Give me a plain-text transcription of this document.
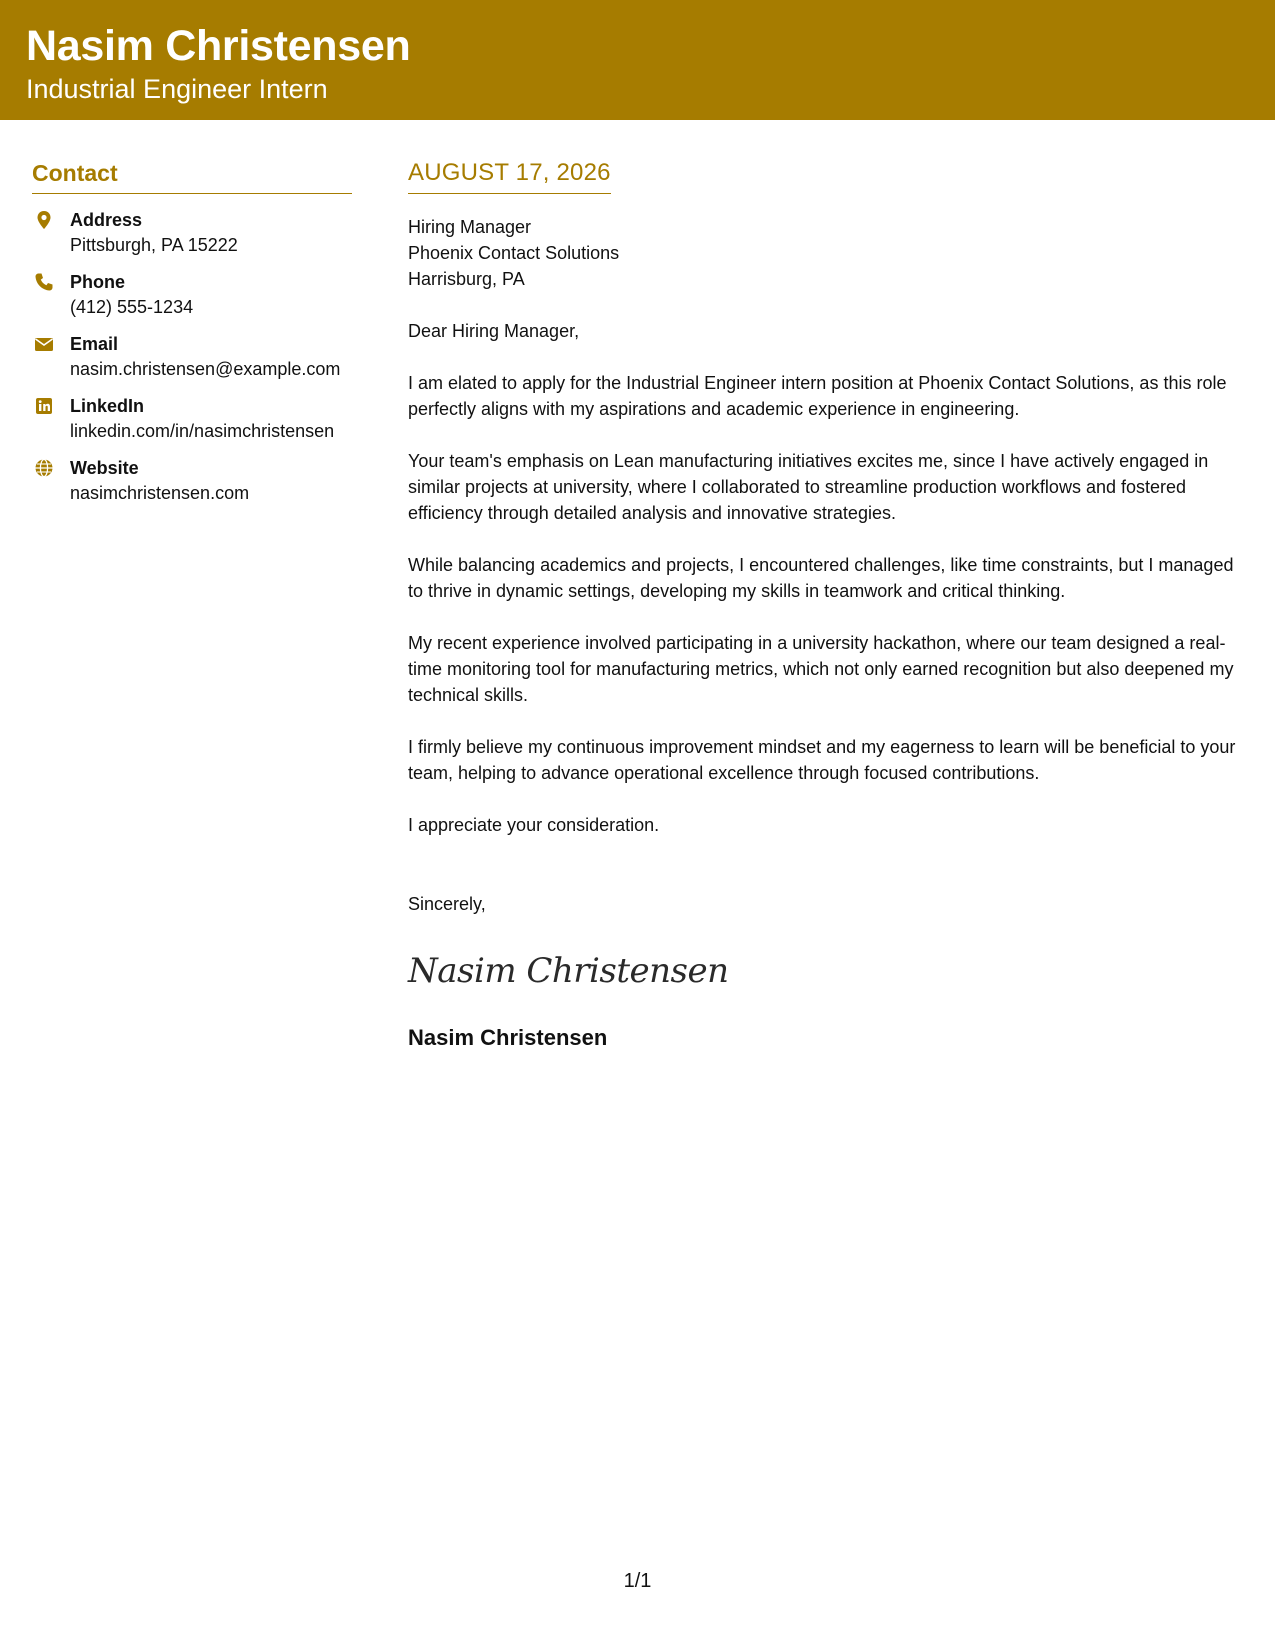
Nasim Christensen
Industrial Engineer Intern
Contact
Address
Pittsburgh, PA 15222
Phone
(412) 555-1234
Email
nasim.christensen@example.com
LinkedIn
linkedin.com/in/nasimchristensen
Website
nasimchristensen.com
AUGUST 17, 2026
Hiring Manager
Phoenix Contact Solutions
Harrisburg, PA
Dear Hiring Manager,

I am elated to apply for the Industrial Engineer intern position at Phoenix Contact Solutions, as this role perfectly aligns with my aspirations and academic experience in engineering.

Your team's emphasis on Lean manufacturing initiatives excites me, since I have actively engaged in similar projects at university, where I collaborated to streamline production workflows and fostered efficiency through detailed analysis and innovative strategies.

While balancing academics and projects, I encountered challenges, like time constraints, but I managed to thrive in dynamic settings, developing my skills in teamwork and critical thinking.

My recent experience involved participating in a university hackathon, where our team designed a real-time monitoring tool for manufacturing metrics, which not only earned recognition but also deepened my technical skills.

I firmly believe my continuous improvement mindset and my eagerness to learn will be beneficial to your team, helping to advance operational excellence through focused contributions.

I appreciate your consideration.

Sincerely,
Nasim Christensen
Nasim Christensen
1/1
